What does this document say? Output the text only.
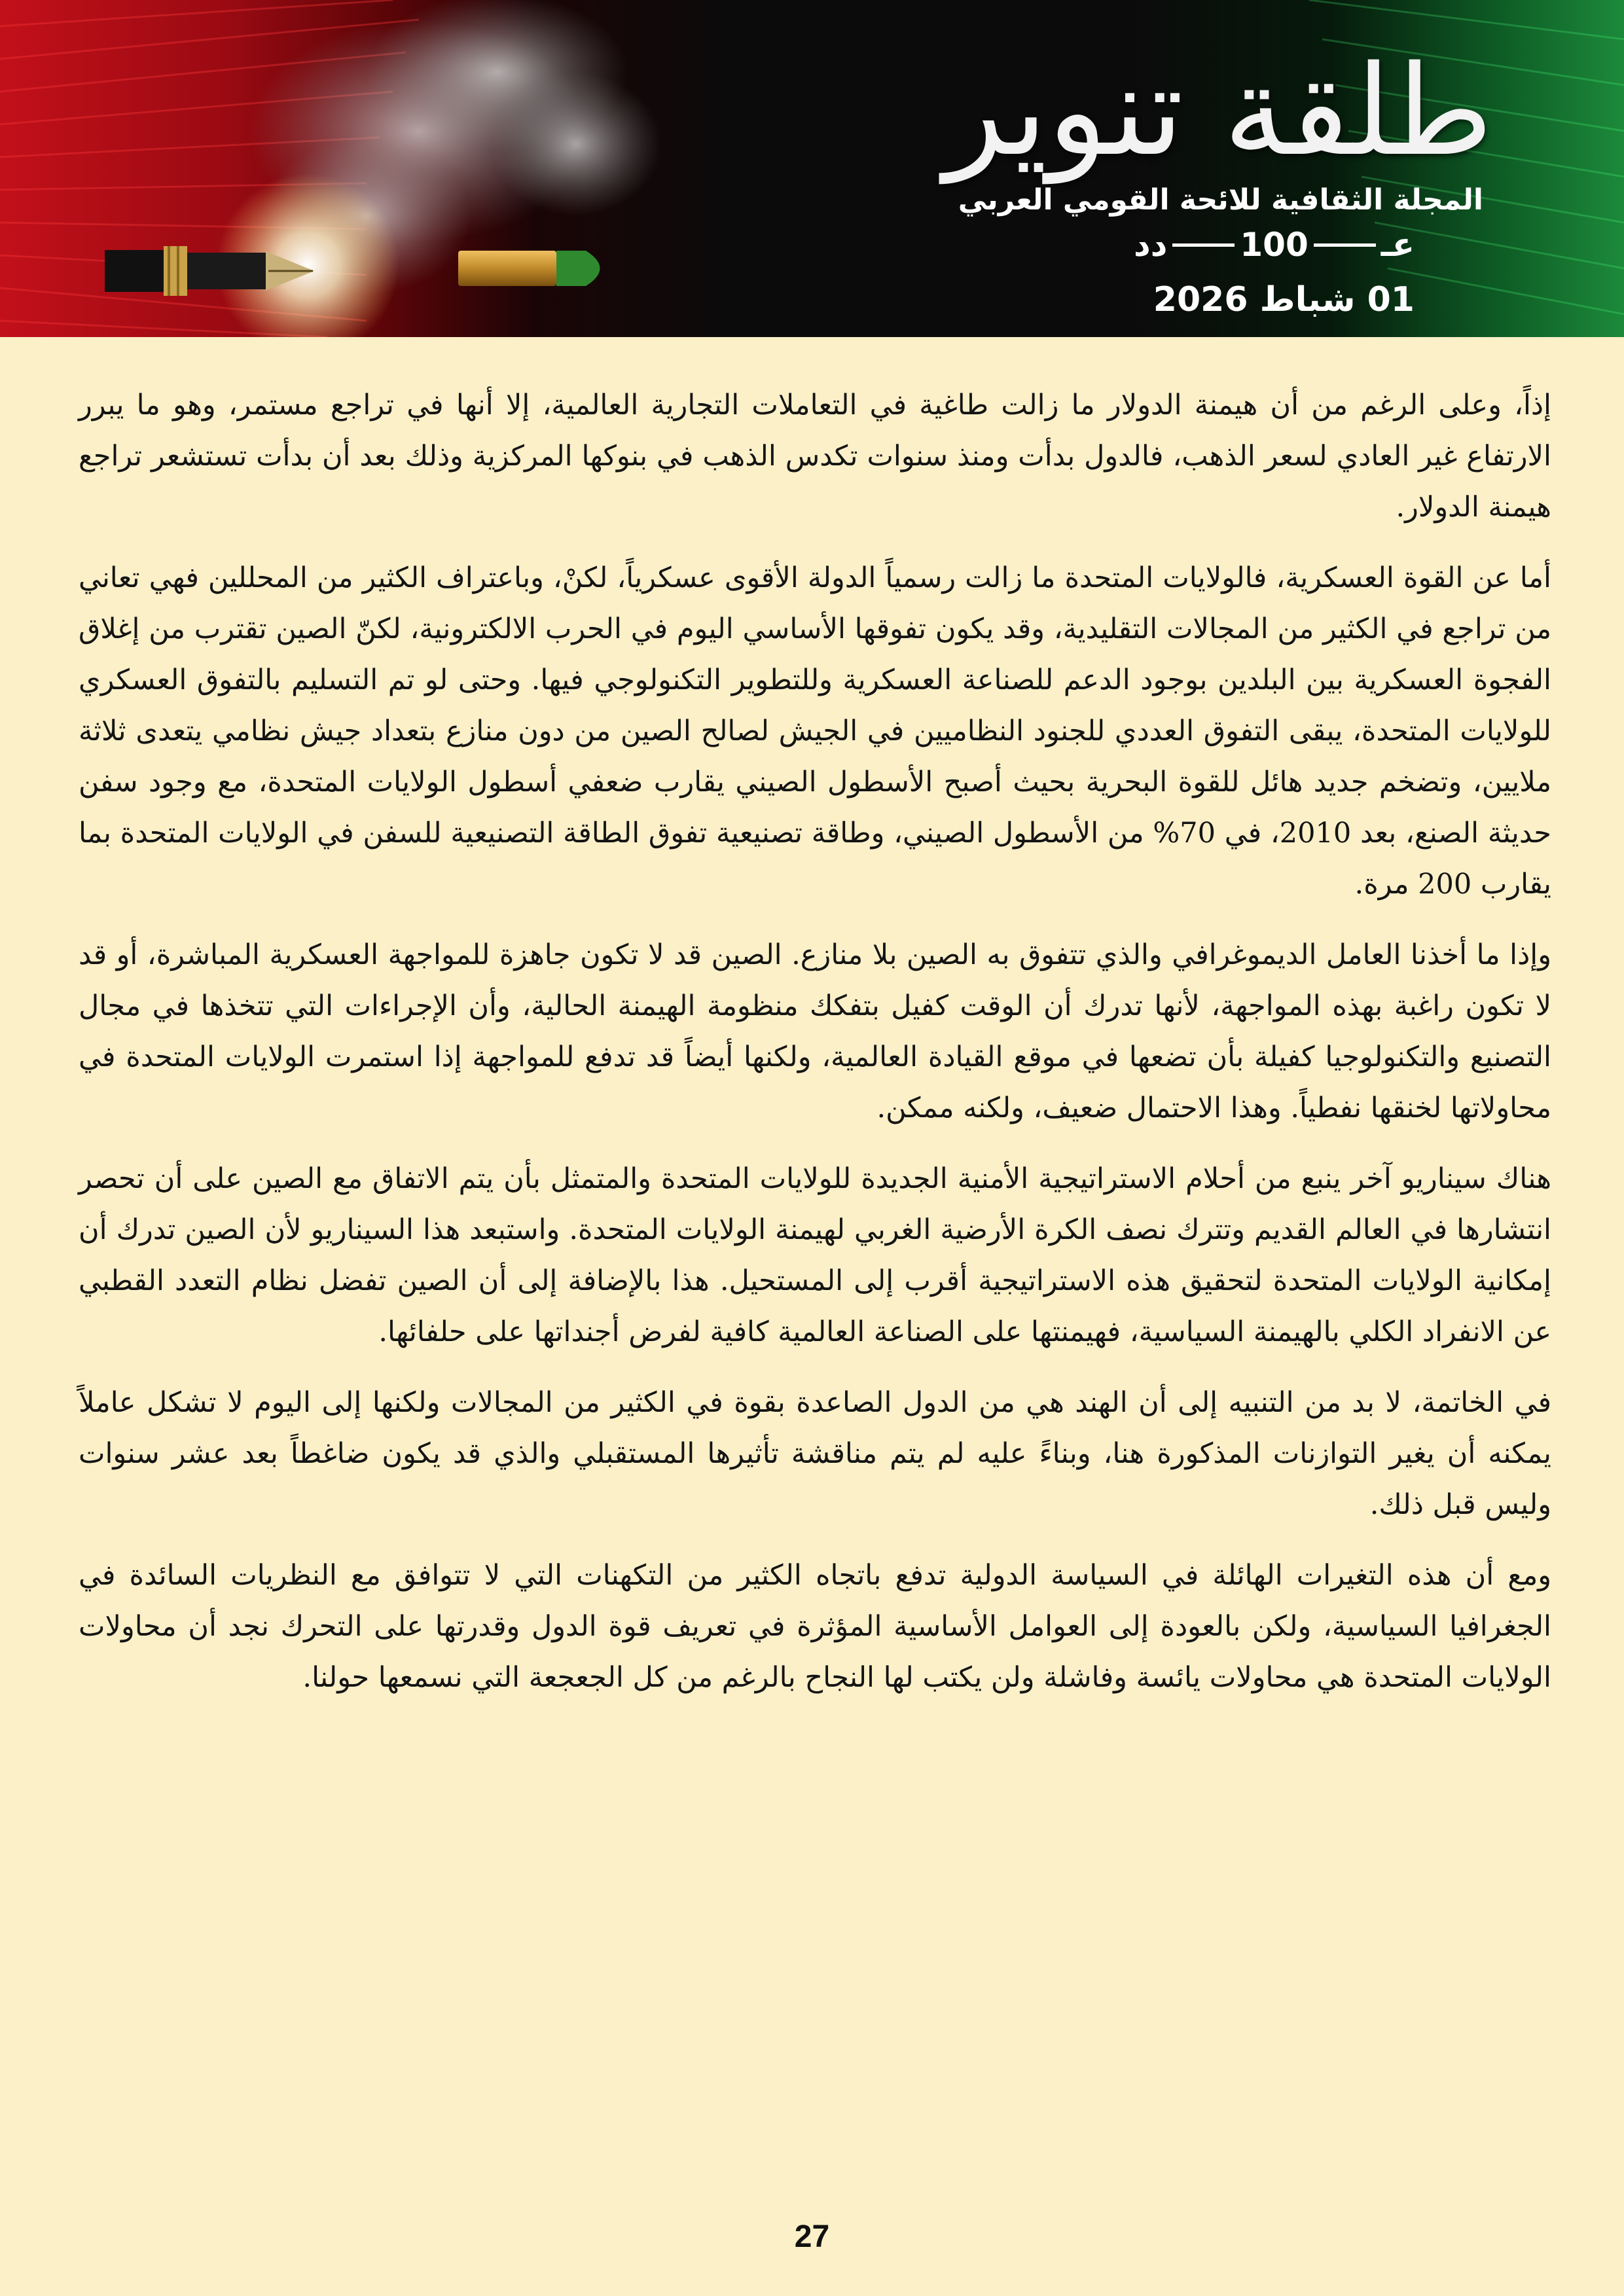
طلقة تنوير
المجلة الثقافية للائحة القومي العربي
عـ
100
دد
01 شباط 2026

إذاً، وعلى الرغم من أن هيمنة الدولار ما زالت طاغية في التعاملات التجارية العالمية، إلا أنها في تراجع مستمر، وهو ما يبرر الارتفاع غير العادي لسعر الذهب، فالدول بدأت ومنذ سنوات تكدس الذهب في بنوكها المركزية وذلك بعد أن بدأت تستشعر تراجع هيمنة الدولار.

أما عن القوة العسكرية، فالولايات المتحدة ما زالت رسمياً الدولة الأقوى عسكرياً، لكنْ، وباعتراف الكثير من المحللين فهي تعاني من تراجع في الكثير من المجالات التقليدية، وقد يكون تفوقها الأساسي اليوم في الحرب الالكترونية، لكنّ الصين تقترب من إغلاق الفجوة العسكرية بين البلدين بوجود الدعم للصناعة العسكرية وللتطوير التكنولوجي فيها. وحتى لو تم التسليم بالتفوق العسكري للولايات المتحدة، يبقى التفوق العددي للجنود النظاميين في الجيش لصالح الصين من دون منازع بتعداد جيش نظامي يتعدى ثلاثة ملايين، وتضخم جديد هائل للقوة البحرية بحيث أصبح الأسطول الصيني يقارب ضعفي أسطول الولايات المتحدة، مع وجود سفن حديثة الصنع، بعد 2010، في 70% من الأسطول الصيني، وطاقة تصنيعية تفوق الطاقة التصنيعية للسفن في الولايات المتحدة بما يقارب 200 مرة.

وإذا ما أخذنا العامل الديموغرافي والذي تتفوق به الصين بلا منازع. الصين قد لا تكون جاهزة للمواجهة العسكرية المباشرة، أو قد لا تكون راغبة بهذه المواجهة، لأنها تدرك أن الوقت كفيل بتفكك منظومة الهيمنة الحالية، وأن الإجراءات التي تتخذها في مجال التصنيع والتكنولوجيا كفيلة بأن تضعها في موقع القيادة العالمية، ولكنها أيضاً قد تدفع للمواجهة إذا استمرت الولايات المتحدة في محاولاتها لخنقها نفطياً. وهذا الاحتمال ضعيف، ولكنه ممكن.

هناك سيناريو آخر ينبع من أحلام الاستراتيجية الأمنية الجديدة للولايات المتحدة والمتمثل بأن يتم الاتفاق مع الصين على أن تحصر انتشارها في العالم القديم وتترك نصف الكرة الأرضية الغربي لهيمنة الولايات المتحدة. واستبعد هذا السيناريو لأن الصين تدرك أن إمكانية الولايات المتحدة لتحقيق هذه الاستراتيجية أقرب إلى المستحيل. هذا بالإضافة إلى أن الصين تفضل نظام التعدد القطبي عن الانفراد الكلي بالهيمنة السياسية، فهيمنتها على الصناعة العالمية كافية لفرض أجنداتها على حلفائها.

في الخاتمة، لا بد من التنبيه إلى أن الهند هي من الدول الصاعدة بقوة في الكثير من المجالات ولكنها إلى اليوم لا تشكل عاملاً يمكنه أن يغير التوازنات المذكورة هنا، وبناءً عليه لم يتم مناقشة تأثيرها المستقبلي والذي قد يكون ضاغطاً بعد عشر سنوات وليس قبل ذلك.

ومع أن هذه التغيرات الهائلة في السياسة الدولية تدفع باتجاه الكثير من التكهنات التي لا تتوافق مع النظريات السائدة في الجغرافيا السياسية، ولكن بالعودة إلى العوامل الأساسية المؤثرة في تعريف قوة الدول وقدرتها على التحرك نجد أن محاولات الولايات المتحدة هي محاولات يائسة وفاشلة ولن يكتب لها النجاح بالرغم من كل الجعجعة التي نسمعها حولنا.

27
